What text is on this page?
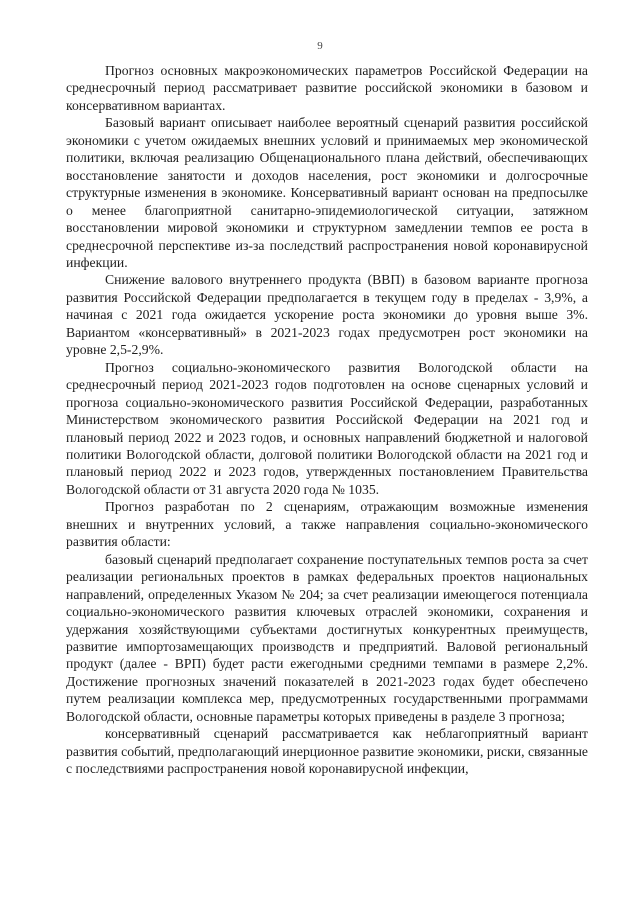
9

Прогноз основных макроэкономических параметров Российской Федерации на среднесрочный период рассматривает развитие российской экономики в базовом и консервативном вариантах.

Базовый вариант описывает наиболее вероятный сценарий развития российской экономики с учетом ожидаемых внешних условий и принимаемых мер экономической политики, включая реализацию Общенационального плана действий, обеспечивающих восстановление занятости и доходов населения, рост экономики и долгосрочные структурные изменения в экономике. Консервативный вариант основан на предпосылке о менее благоприятной санитарно-эпидемиологической ситуации, затяжном восстановлении мировой экономики и структурном замедлении темпов ее роста в среднесрочной перспективе из-за последствий распространения новой коронавирусной инфекции.

Снижение валового внутреннего продукта (ВВП) в базовом варианте прогноза развития Российской Федерации предполагается в текущем году в пределах - 3,9%, а начиная с 2021 года ожидается ускорение роста экономики до уровня выше 3%. Вариантом «консервативный» в 2021-2023 годах предусмотрен рост экономики на уровне 2,5-2,9%.

Прогноз социально-экономического развития Вологодской области на среднесрочный период 2021-2023 годов подготовлен на основе сценарных условий и прогноза социально-экономического развития Российской Федерации, разработанных Министерством экономического развития Российской Федерации на 2021 год и плановый период 2022 и 2023 годов, и основных направлений бюджетной и налоговой политики Вологодской области, долговой политики Вологодской области на 2021 год и плановый период 2022 и 2023 годов, утвержденных постановлением Правительства Вологодской области от 31 августа 2020 года № 1035.

Прогноз разработан по 2 сценариям, отражающим возможные изменения внешних и внутренних условий, а также направления социально-экономического развития области:

базовый сценарий предполагает сохранение поступательных темпов роста за счет реализации региональных проектов в рамках федеральных проектов национальных направлений, определенных Указом № 204; за счет реализации имеющегося потенциала социально-экономического развития ключевых отраслей экономики, сохранения и удержания хозяйствующими субъектами достигнутых конкурентных преимуществ, развитие импортозамещающих производств и предприятий. Валовой региональный продукт (далее - ВРП) будет расти ежегодными средними темпами в размере 2,2%. Достижение прогнозных значений показателей в 2021-2023 годах будет обеспечено путем реализации комплекса мер, предусмотренных государственными программами Вологодской области, основные параметры которых приведены в разделе 3 прогноза;

консервативный сценарий рассматривается как неблагоприятный вариант развития событий, предполагающий инерционное развитие экономики, риски, связанные с последствиями распространения новой коронавирусной инфекции,
